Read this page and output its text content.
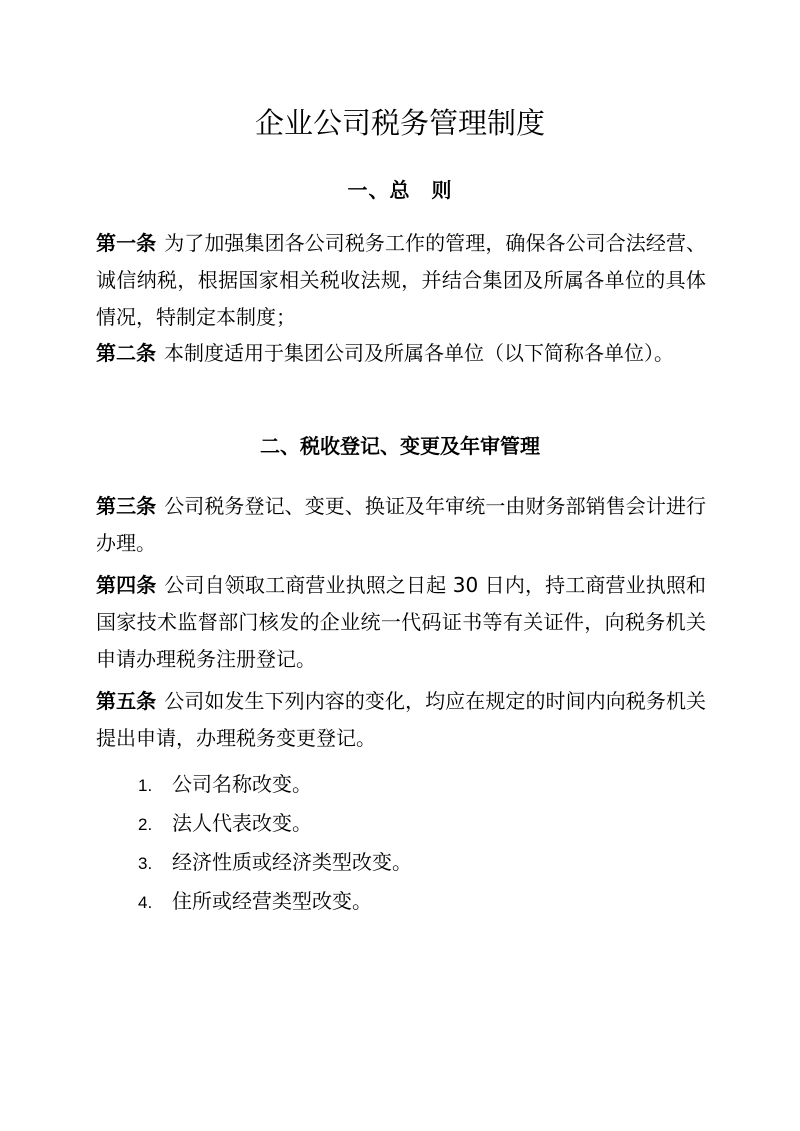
企业公司税务管理制度
一、总　则

第一条 为了加强集团各公司税务工作的管理，确保各公司合法经营、诚信纳税，根据国家相关税收法规，并结合集团及所属各单位的具体情况，特制定本制度；

第二条 本制度适用于集团公司及所属各单位（以下简称各单位）。

二、税收登记、变更及年审管理

第三条 公司税务登记、变更、换证及年审统一由财务部销售会计进行办理。

第四条 公司自领取工商营业执照之日起 30 日内，持工商营业执照和国家技术监督部门核发的企业统一代码证书等有关证件，向税务机关申请办理税务注册登记。

第五条 公司如发生下列内容的变化，均应在规定的时间内向税务机关提出申请，办理税务变更登记。

1. 公司名称改变。
2. 法人代表改变。
3. 经济性质或经济类型改变。
4. 住所或经营类型改变。
